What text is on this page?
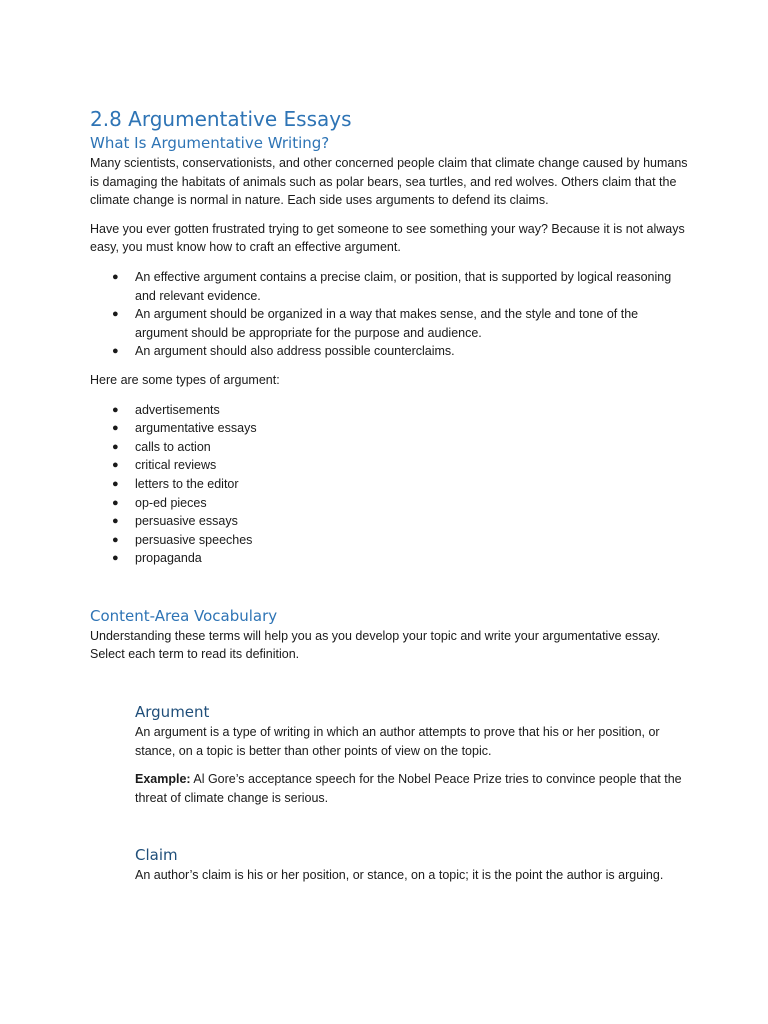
2.8 Argumentative Essays
What Is Argumentative Writing?

Many scientists, conservationists, and other concerned people claim that climate change caused by humans is damaging the habitats of animals such as polar bears, sea turtles, and red wolves. Others claim that the climate change is normal in nature. Each side uses arguments to defend its claims.

Have you ever gotten frustrated trying to get someone to see something your way? Because it is not always easy, you must know how to craft an effective argument.

● An effective argument contains a precise claim, or position, that is supported by logical reasoning and relevant evidence.
● An argument should be organized in a way that makes sense, and the style and tone of the argument should be appropriate for the purpose and audience.
● An argument should also address possible counterclaims.

Here are some types of argument:

● advertisements
● argumentative essays
● calls to action
● critical reviews
● letters to the editor
● op-ed pieces
● persuasive essays
● persuasive speeches
● propaganda
Content-Area Vocabulary

Understanding these terms will help you as you develop your topic and write your argumentative essay. Select each term to read its definition.

Argument

An argument is a type of writing in which an author attempts to prove that his or her position, or stance, on a topic is better than other points of view on the topic.

Example: Al Gore’s acceptance speech for the Nobel Peace Prize tries to convince people that the threat of climate change is serious.

Claim

An author’s claim is his or her position, or stance, on a topic; it is the point the author is arguing.
